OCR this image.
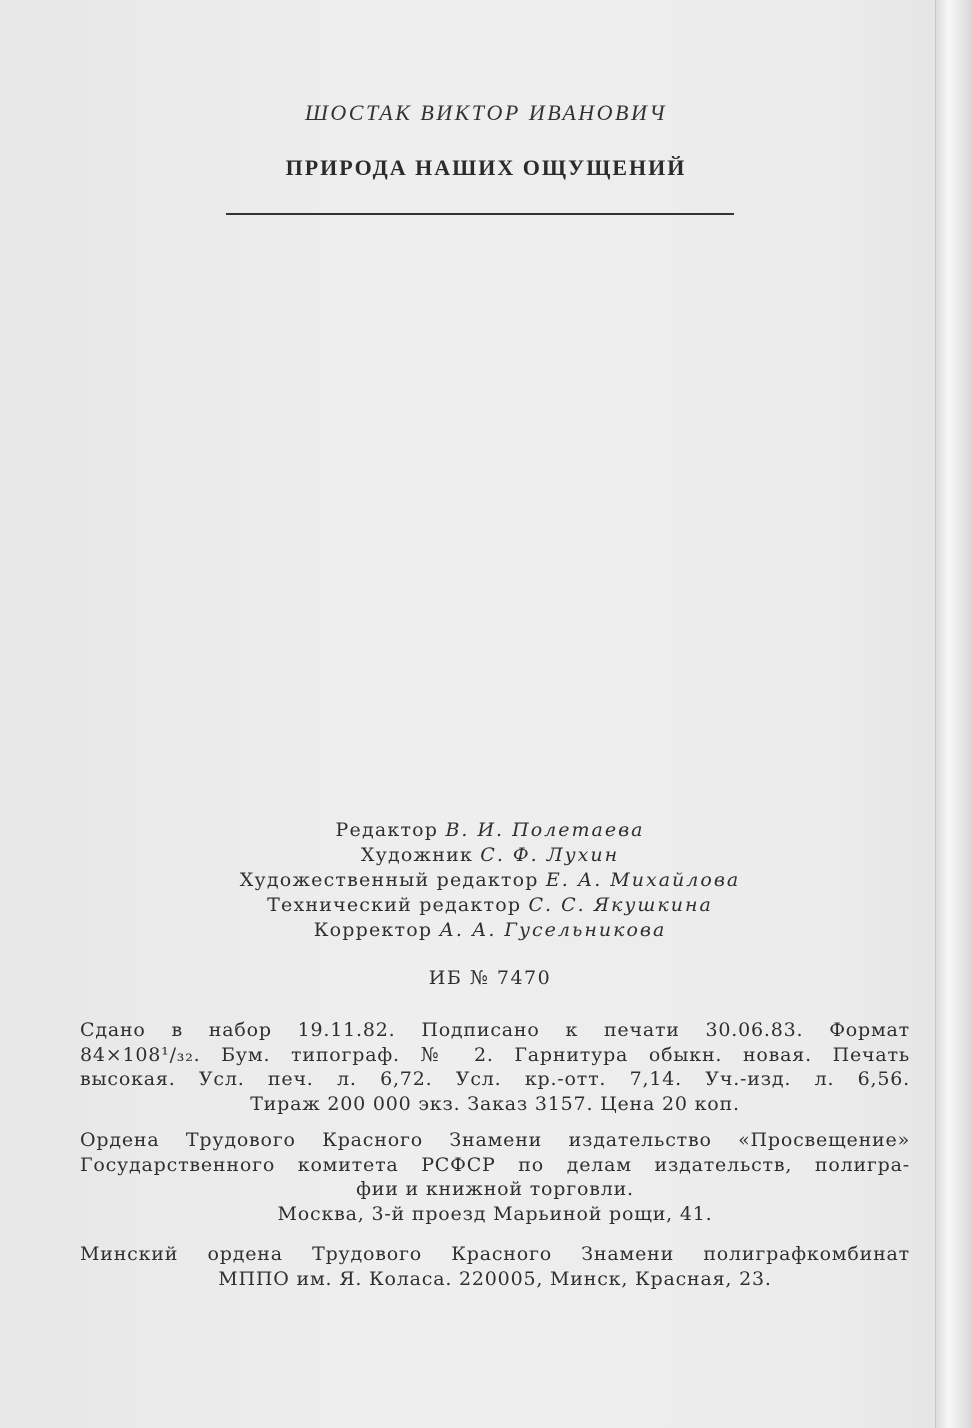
ШОСТАК ВИКТОР ИВАНОВИЧ
ПРИРОДА НАШИХ ОЩУЩЕНИЙ
Редактор В. И. Полетаева
Художник С. Ф. Лухин
Художественный редактор Е. А. Михайлова
Технический редактор С. С. Якушкина
Корректор А. А. Гусельникова
ИБ № 7470
Сдано в набор 19.11.82. Подписано к печати 30.06.83. Формат
84×108¹/₃₂. Бум. типограф. № 2. Гарнитура обыкн. новая. Печать
высокая. Усл. печ. л. 6,72. Усл. кр.-отт. 7,14. Уч.-изд. л. 6,56.
Тираж 200 000 экз. Заказ 3157. Цена 20 коп.
Ордена Трудового Красного Знамени издательство «Просвещение»
Государственного комитета РСФСР по делам издательств, полигра-
фии и книжной торговли.
Москва, 3-й проезд Марьиной рощи, 41.
Минский ордена Трудового Красного Знамени полиграфкомбинат
МППО им. Я. Коласа. 220005, Минск, Красная, 23.
